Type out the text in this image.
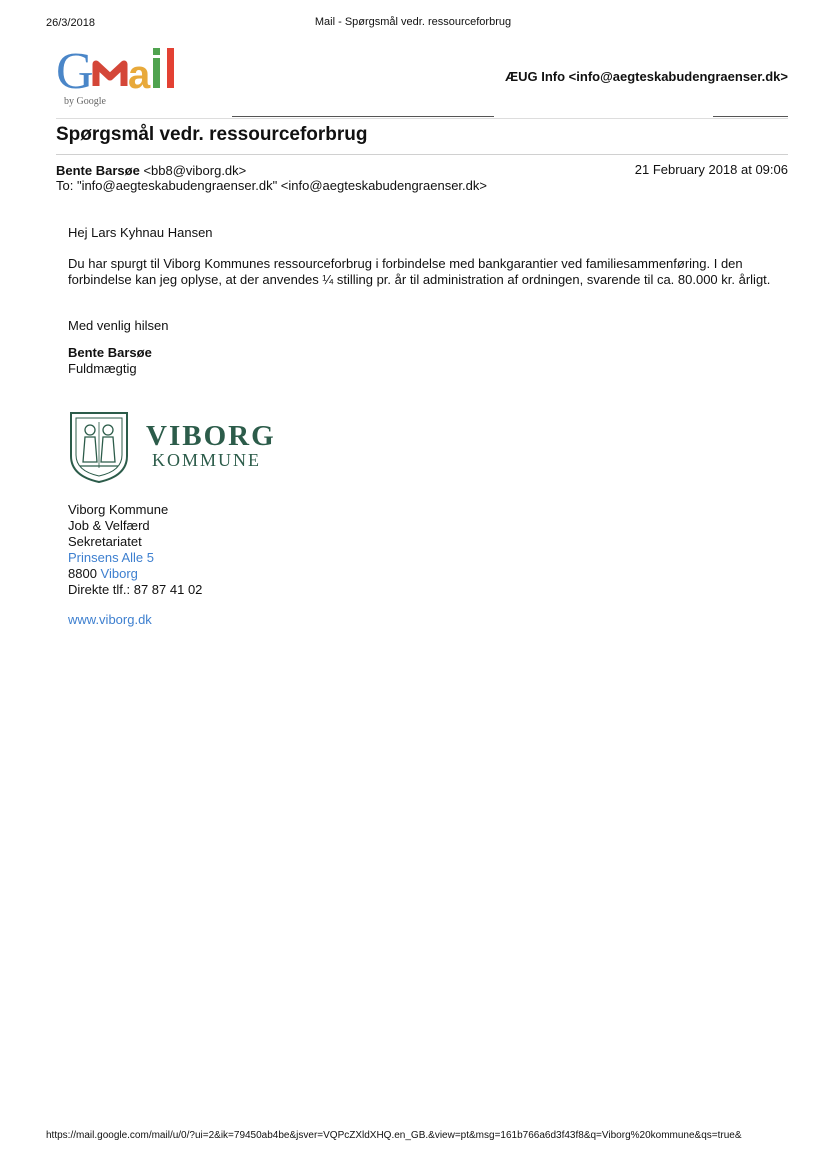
26/3/2018	Mail - Spørgsmål vedr. ressourceforbrug
G a
by Google
ÆUG Info <info@aegteskabudengraenser.dk>
Spørgsmål vedr. ressourceforbrug
Bente Barsøe <bb8@viborg.dk>	21 February 2018 at 09:06
To: "info@aegteskabudengraenser.dk" <info@aegteskabudengraenser.dk>

Hej Lars Kyhnau Hansen

Du har spurgt til Viborg Kommunes ressourceforbrug i forbindelse med bankgarantier ved familiesammenføring. I den forbindelse kan jeg oplyse, at der anvendes ¼ stilling pr. år til administration af ordningen, svarende til ca. 80.000 kr. årligt.

Med venlig hilsen

Bente Barsøe

Fuldmægtig

VIBORG
KOMMUNE
Viborg Kommune
Job & Velfærd
Sekretariatet
Prinsens Alle 5
8800 Viborg
Direkte tlf.: 87 87 41 02
www.viborg.dk
https://mail.google.com/mail/u/0/?ui=2&ik=79450ab4be&jsver=VQPcZXldXHQ.en_GB.&view=pt&msg=161b766a6d3f43f8&q=Viborg%20kommune&qs=true&
